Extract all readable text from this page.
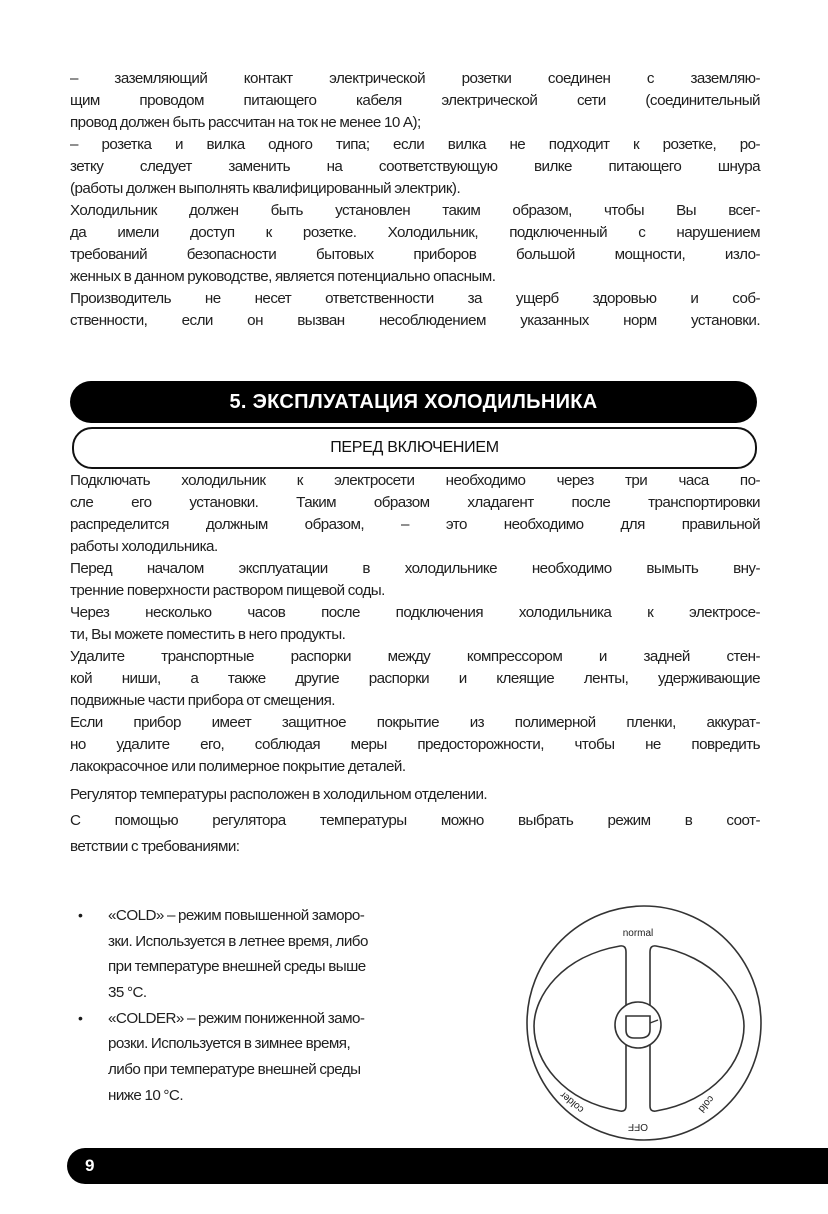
– заземляющий контакт электрической розетки соединен с заземляю-
щим проводом питающего кабеля электрической сети (соединительный
провод должен быть рассчитан на ток не менее 10 А);
– розетка и вилка одного типа; если вилка не подходит к розетке, ро-
зетку следует заменить на соответствующую вилке питающего шнура
(работы должен выполнять квалифицированный электрик).
Холодильник должен быть установлен таким образом, чтобы Вы всег-
да имели доступ к розетке. Холодильник, подключенный с нарушением
требований безопасности бытовых приборов большой мощности, изло-
женных в данном руководстве, является потенциально опасным.
Производитель не несет ответственности за ущерб здоровью и соб-
ственности, если он вызван несоблюдением указанных норм установки.
5. ЭКСПЛУАТАЦИЯ ХОЛОДИЛЬНИКА
ПЕРЕД ВКЛЮЧЕНИЕМ
Подключать холодильник к электросети необходимо через три часа по-
сле его установки. Таким образом хладагент после транспортировки
распределится должным образом, – это необходимо для правильной
работы холодильника.
Перед началом эксплуатации в холодильнике необходимо вымыть вну-
тренние поверхности раствором пищевой соды.
Через несколько часов после подключения холодильника к электросе-
ти, Вы можете поместить в него продукты.
Удалите транспортные распорки между компрессором и задней стен-
кой ниши, а также другие распорки и клеящие ленты, удерживающие
подвижные части прибора от смещения.
Если прибор имеет защитное покрытие из полимерной пленки, аккурат-
но удалите его, соблюдая меры предосторожности, чтобы не повредить
лакокрасочное или полимерное покрытие деталей.
Регулятор температуры расположен в холодильном отделении.
С помощью регулятора температуры можно выбрать режим в соот-
ветствии с требованиями:
• «COLD» – режим повышенной заморо-
зки. Используется в летнее время, либо
при температуре внешней среды выше
35 °С.
• «COLDER» – режим пониженной замо-
розки. Используется в зимнее время,
либо при температуре внешней среды
ниже 10 °С.
normal
OFF
colder	cold
9
